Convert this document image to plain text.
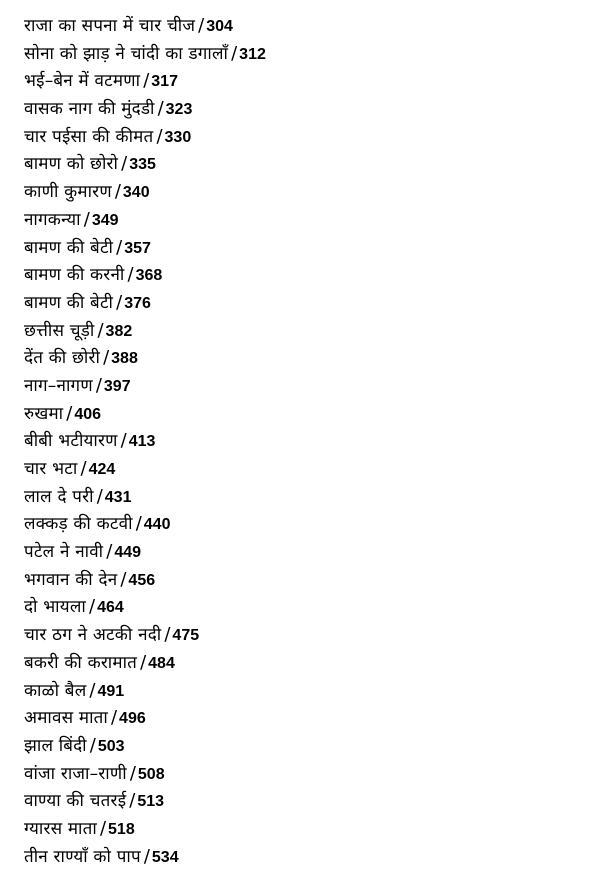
राजा का सपना में चार चीज / 304
सोना को झाड़ ने चांदी का डगालाँ / 312
भई–बेन में वटमणा / 317
वासक नाग की मुंदडी / 323
चार पईसा की कीमत / 330
बामण को छोरो / 335
काणी कुमारण / 340
नागकन्या / 349
बामण की बेटी / 357
बामण की करनी / 368
बामण की बेटी / 376
छत्तीस चूड़ी / 382
देंत की छोरी / 388
नाग–नागण / 397
रुखमा / 406
बीबी भटीयारण / 413
चार भटा / 424
लाल दे परी / 431
लक्कड़ की कटवी / 440
पटेल ने नावी / 449
भगवान की देन / 456
दो भायला / 464
चार ठग ने अटकी नदी / 475
बकरी की करामात / 484
काळो बैल / 491
अमावस माता / 496
झाल बिंदी / 503
वांजा राजा–राणी / 508
वाण्या की चतरई / 513
ग्यारस माता / 518
तीन राण्याँ को पाप / 534
